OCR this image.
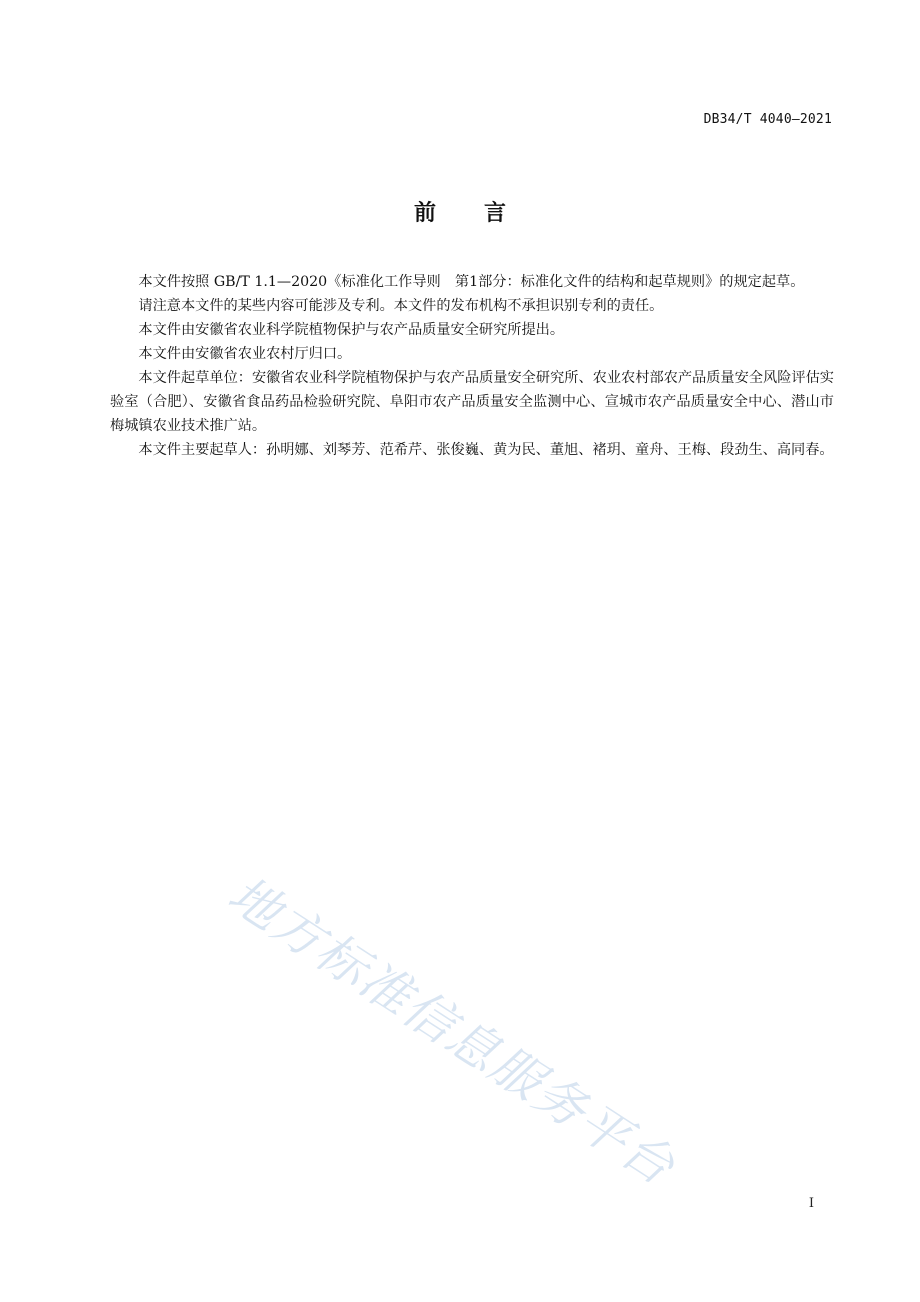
DB34/T 4040—2021
前言

本文件按照 GB/T 1.1—2020《标准化工作导则　第1部分：标准化文件的结构和起草规则》的规定起草。

请注意本文件的某些内容可能涉及专利。本文件的发布机构不承担识别专利的责任。

本文件由安徽省农业科学院植物保护与农产品质量安全研究所提出。

本文件由安徽省农业农村厅归口。

本文件起草单位：安徽省农业科学院植物保护与农产品质量安全研究所、农业农村部农产品质量安全风险评估实验室（合肥）、安徽省食品药品检验研究院、阜阳市农产品质量安全监测中心、宣城市农产品质量安全中心、潜山市梅城镇农业技术推广站。

本文件主要起草人：孙明娜、刘琴芳、范希芹、张俊巍、黄为民、董旭、褚玥、童舟、王梅、段劲生、高同春。

地方标准信息服务平台
I
